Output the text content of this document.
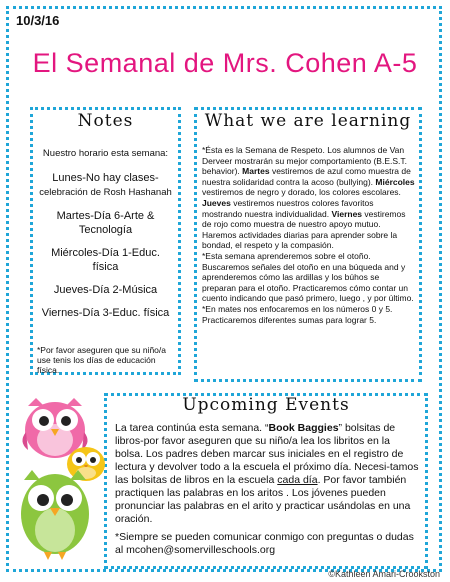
10/3/16
El Semanal de Mrs. Cohen A-5
Notes
Nuestro horario esta semana:
Lunes-No hay clases-
celebración de Rosh Hashanah
Martes-Día 6-Arte & Tecnología
Miércoles-Día 1-Educ. física
Jueves-Día 2-Música
Viernes-Día 3-Educ. física
*Por favor aseguren que su niño/a use tenis los días de educación física.
What we are learning

*Ésta es la Semana de Respeto. Los alumnos de Van Derveer mostrarán su mejor comportamiento (B.E.S.T. behavior). Martes vestiremos de azul como muestra de nuestra solidaridad contra la acoso (bullying). Miércoles vestiremos de negro y dorado, los colores escolares. Jueves vestiremos nuestros colores favoritos mostrando nuestra individualidad. Viernes vestiremos de rojo como muestra de nuestro apoyo mutuo. Haremos actividades diarias para aprender sobre la bondad, el respeto y la compasión.

*Esta semana aprenderemos sobre el otoño. Buscaremos señales del otoño en una búqueda and y aprenderemos cómo las ardillas y los búhos se preparan para el otoño. Practicaremos cómo contar un cuento indicando que pasó primero, luego , y por último.

*En mates nos enfocaremos en los números 0 y 5. Practicaremos diferentes sumas para lograr 5.

Upcoming Events

La tarea continúa esta semana. “Book Baggies” bolsitas de libros-por favor aseguren que su niño/a lea los libritos en la bolsa. Los padres deben marcar sus iniciales en el registro de lectura y devolver todo a la escuela el próximo día. Necesi-tamos las bolsitas de libros en la escuela cada día. Por favor también practiquen las palabras en los aritos . Los jóvenes pueden pronunciar las palabras en el arito y practicar usándolas en una oración.

*Siempre se pueden comunicar conmigo con preguntas o dudas al mcohen@somervilleschools.org

©Kathleen Amari-Crookston
